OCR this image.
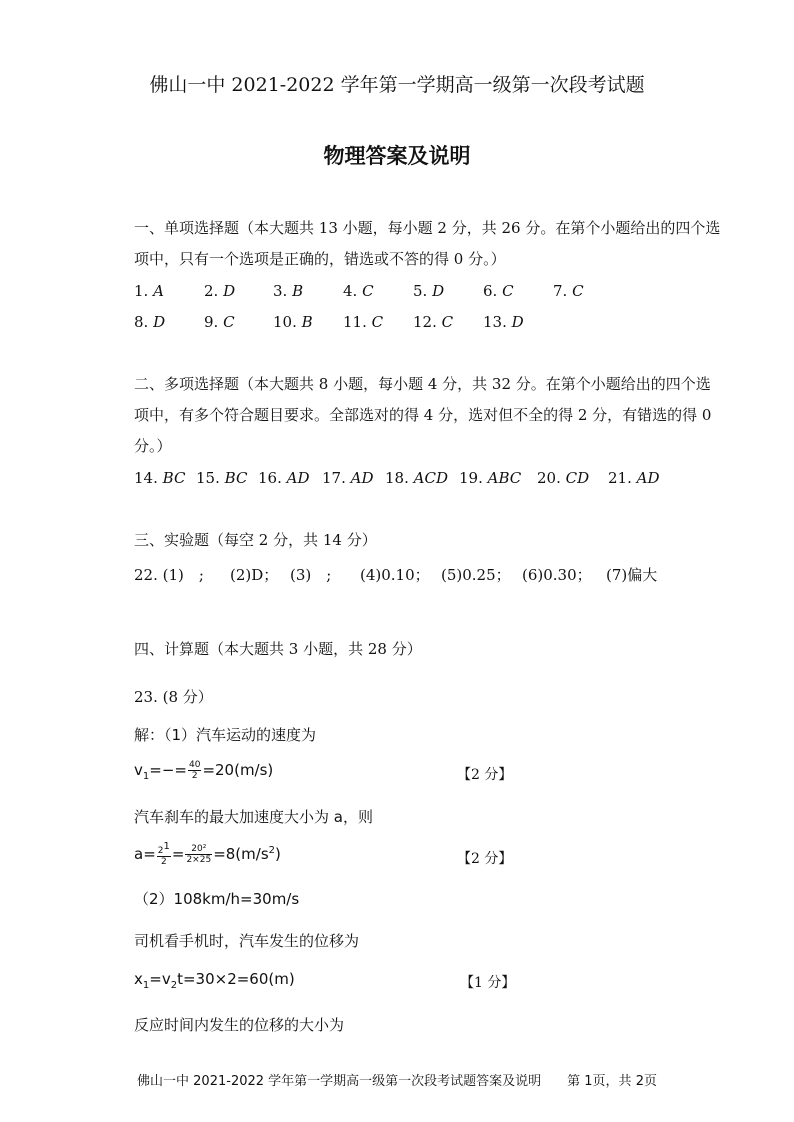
佛山一中 2021-2022 学年第一学期高一级第一次段考试题
物理答案及说明
一、单项选择题（本大题共 13 小题，每小题 2 分，共 26 分。在第个小题给出的四个选
项中，只有一个选项是正确的，错选或不答的得 0 分。）
1. A	2. D	3. B	4. C	5. D	6. C	7. C
8. D	9. C	10. B 11. C 12. C 13. D
二、多项选择题（本大题共 8 小题，每小题 4 分，共 32 分。在第个小题给出的四个选
项中，有多个符合题目要求。全部选对的得 4 分，选对但不全的得 2 分，有错选的得 0
分。）
14. BC 15. BC 16. AD 17. AD 18. ACD 19. ABC 20. CD 21. AD
三、实验题（每空 2 分，共 14 分）
22. (1)　; (2)D； (3)　; (4)0.10； (5)0.25； (6)0.30； (7)偏大
四、计算题（本大题共 3 小题，共 28 分）
23. (8 分）
解：（1）汽车运动的速度为
$v_1=-= \frac{40}{2} =20(m/s)$	【2 分】
汽车刹车的最大加速度大小为 a，则
$a= \frac{2^1}{2} = \frac{\text{20²}}{2\times 25} =8(m/s^2)$	【2 分】
（2）108km/h=30m/s
司机看手机时，汽车发生的位移为
$x_1=v_2t=30\times 2=60(m)$	【1 分】
反应时间内发生的位移的大小为
佛山一中 2021-2022 学年第一学期高一级第一次段考试题答案及说明 第 1页，共 2页
